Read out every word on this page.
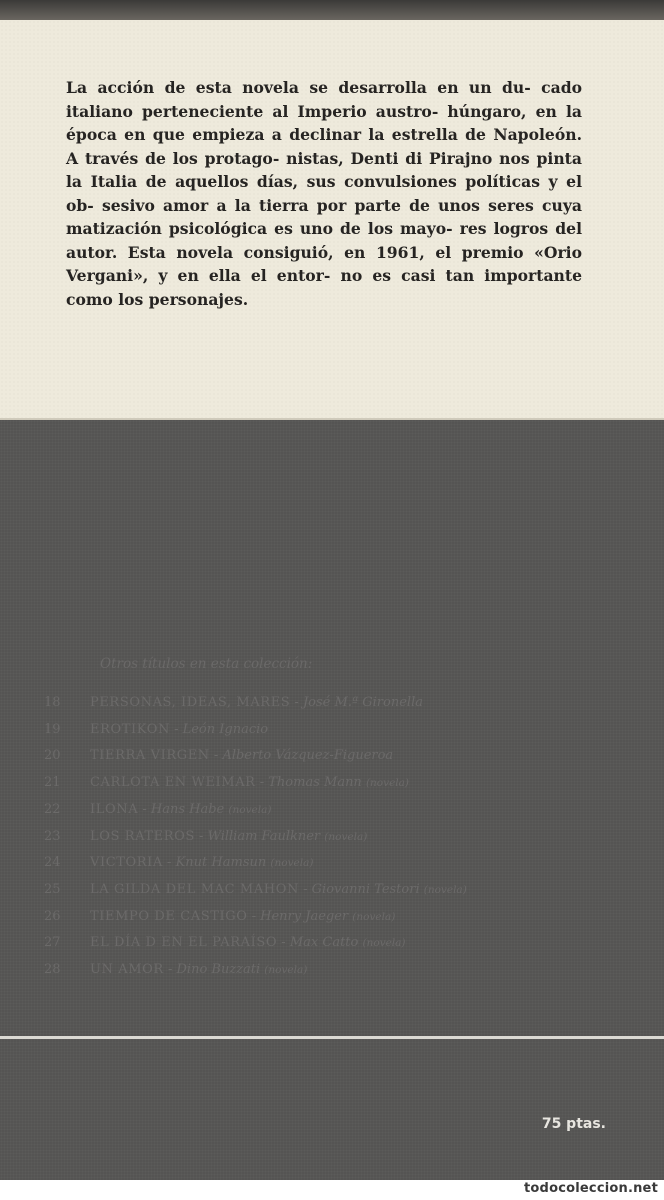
La acción de esta novela se desarrolla en un du- cado italiano perteneciente al Imperio austro- húngaro, en la época en que empieza a declinar la estrella de Napoleón. A través de los protago- nistas, Denti di Pirajno nos pinta la Italia de aquellos días, sus convulsiones políticas y el ob- sesivo amor a la tierra por parte de unos seres cuya matización psicológica es uno de los mayo- res logros del autor. Esta novela consiguió, en 1961, el premio «Orio Vergani», y en ella el entor- no es casi tan importante como los personajes.

Otros títulos en esta colección:

18 PERSONAS, IDEAS, MARES - José M.ª Gironella
19 EROTIKON - León Ignacio
20 TIERRA VIRGEN - Alberto Vázquez-Figueroa
21 CARLOTA EN WEIMAR - Thomas Mann (novela)
22 ILONA - Hans Habe (novela)
23 LOS RATEROS - William Faulkner (novela)
24 VICTORIA - Knut Hamsun (novela)
25 LA GILDA DEL MAC MAHON - Giovanni Testori (novela)
26 TIEMPO DE CASTIGO - Henry Jaeger (novela)
27 EL DÍA D EN EL PARAÍSO - Max Catto (novela)
28 UN AMOR - Dino Buzzati (novela)

75 ptas.

todocoleccion.net
